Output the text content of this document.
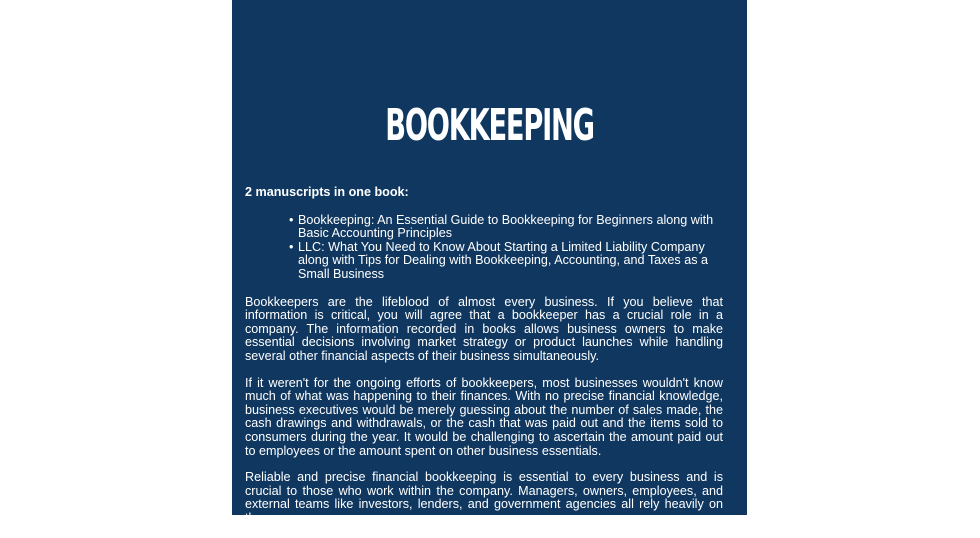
BOOKKEEPING
2 manuscripts in one book:
• Bookkeeping: An Essential Guide to Bookkeeping for Beginners along with Basic Accounting Principles
• LLC: What You Need to Know About Starting a Limited Liability Company along with Tips for Dealing with Bookkeeping, Accounting, and Taxes as a Small Business

Bookkeepers are the lifeblood of almost every business. If you believe that information is critical, you will agree that a bookkeeper has a crucial role in a company. The information recorded in books allows business owners to make essential decisions involving market strategy or product launches while handling several other financial aspects of their business simultaneously.

If it weren't for the ongoing efforts of bookkeepers, most businesses wouldn't know much of what was happening to their finances. With no precise financial knowledge, business executives would be merely guessing about the number of sales made, the cash drawings and withdrawals, or the cash that was paid out and the items sold to consumers during the year. It would be challenging to ascertain the amount paid out to employees or the amount spent on other business essentials.

Reliable and precise financial bookkeeping is essential to every business and is crucial to those who work within the company. Managers, owners, employees, and external teams like investors, lenders, and government agencies all rely heavily on the
